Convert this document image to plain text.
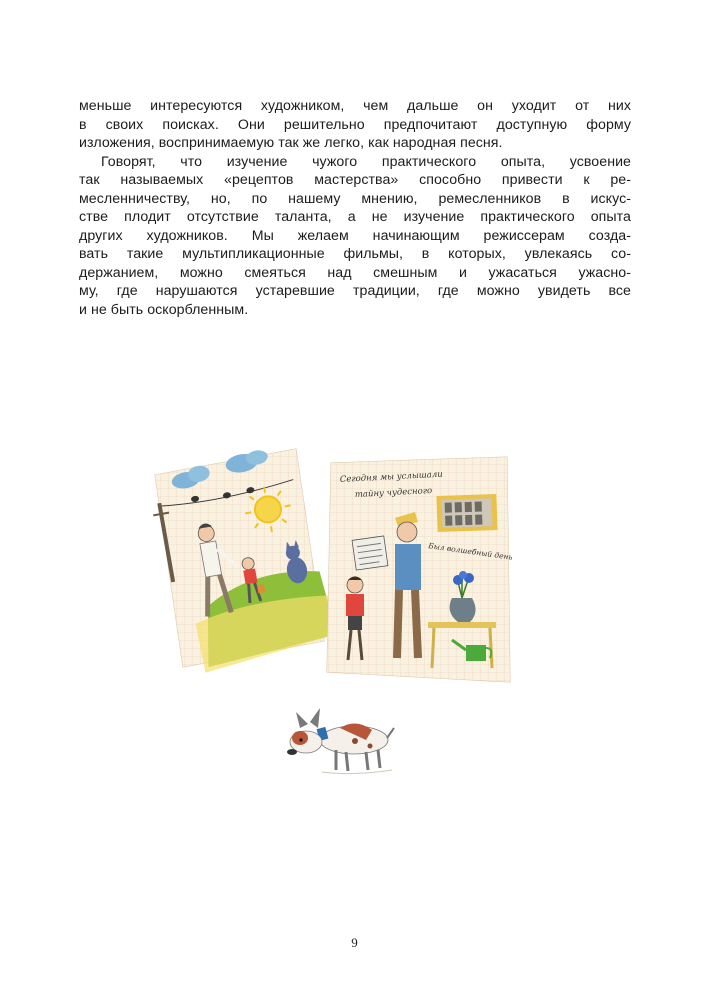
меньше интересуются художником, чем дальше он уходит от них
в своих поисках. Они решительно предпочитают доступную форму
изложения, воспринимаемую так же легко, как народная песня.
Говорят, что изучение чужого практического опыта, усвоение
так называемых «рецептов мастерства» способно привести к ре-
месленничеству, но, по нашему мнению, ремесленников в искус-
стве плодит отсутствие таланта, а не изучение практического опыта
других художников. Мы желаем начинающим режиссерам созда-
вать такие мультипликационные фильмы, в которых, увлекаясь со-
держанием, можно смеяться над смешным и ужасаться ужасно-
му, где нарушаются устаревшие традиции, где можно увидеть все
и не быть оскорбленным.
Сегодня мы услышали
тайну чудесного
Был волшебный день
9
